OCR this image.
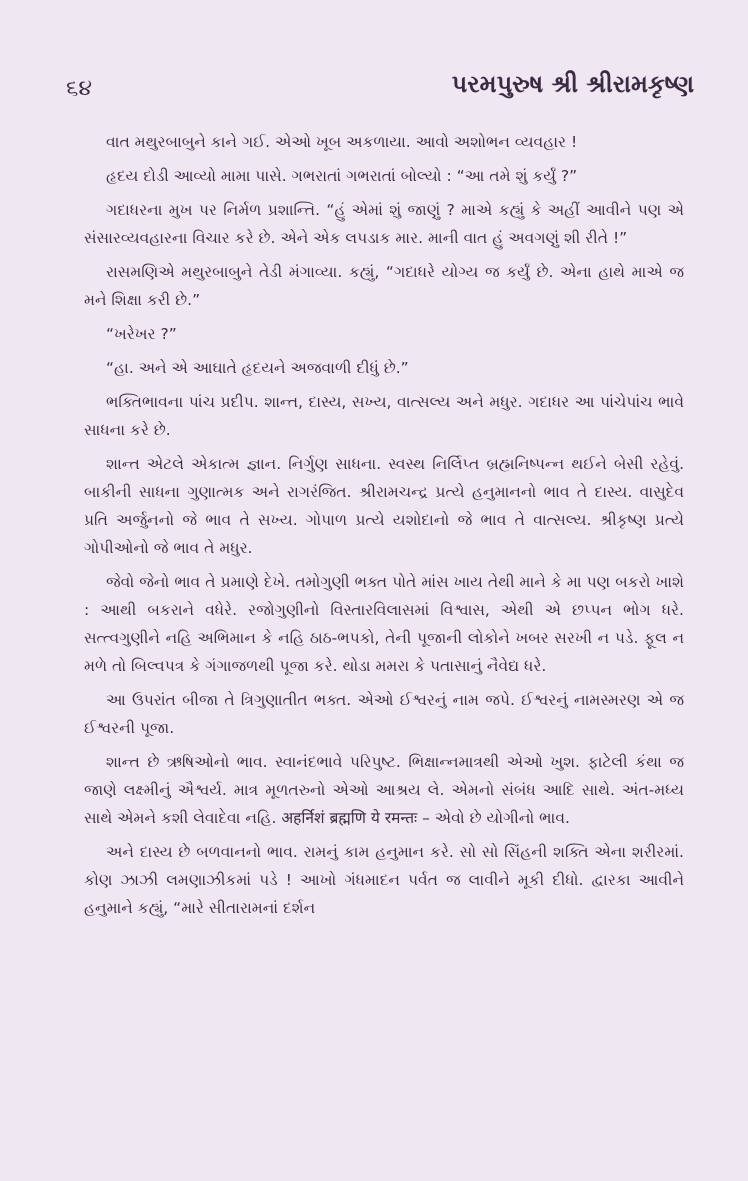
૬૪	પરમપુરુષ શ્રી શ્રીરામકૃષ્ણ

વાત મથુરબાબુને કાને ગઈ. એઓ ખૂબ અકળાયા. આવો અશોભન વ્યવહાર !

હૃદય દોડી આવ્યો મામા પાસે. ગભરાતાં ગભરાતાં બોલ્યો : “આ તમે શું કર્યું ?”

ગદાધરના મુખ પર નિર્મળ પ્રશાન્તિ. “હું એમાં શું જાણું ? માએ કહ્યું કે અહીં આવીને પણ એ સંસારવ્યવહારના વિચાર કરે છે. એને એક લપડાક માર. માની વાત હું અવગણું શી રીતે !”

રાસમણિએ મથુરબાબુને તેડી મંગાવ્યા. કહ્યું, “ગદાધરે યોગ્ય જ કર્યું છે. એના હાથે માએ જ મને શિક્ષા કરી છે.”

“ખરેખર ?”

“હા. અને એ આઘાતે હૃદયને અજવાળી દીધું છે.”

ભક્તિભાવના પાંચ પ્રદીપ. શાન્ત, દાસ્ય, સખ્ય, વાત્સલ્ય અને મધુર. ગદાધર આ પાંચેપાંચ ભાવે સાધના કરે છે.

શાન્ત એટલે એકાત્મ જ્ઞાન. નિર્ગુણ સાધના. સ્વસ્થ નિર્લિપ્ત બ્રહ્મનિષ્પન્ન થઈને બેસી રહેવું. બાકીની સાધના ગુણાત્મક અને રાગરંજિત. શ્રીરામચન્દ્ર પ્રત્યે હનુમાનનો ભાવ તે દાસ્ય. વાસુદેવ પ્રતિ અર્જુનનો જે ભાવ તે સખ્ય. ગોપાળ પ્રત્યે યશોદાનો જે ભાવ તે વાત્સલ્ય. શ્રીકૃષ્ણ પ્રત્યે ગોપીઓનો જે ભાવ તે મધુર.

જેવો જેનો ભાવ તે પ્રમાણે દેખે. તમોગુણી ભક્ત પોતે માંસ ખાય તેથી માને કે મા પણ બકરો ખાશે : આથી બકરાને વધેરે. રજોગુણીનો વિસ્તારવિલાસમાં વિશ્વાસ, એથી એ છપ્પન ભોગ ધરે. સત્ત્વગુણીને નહિ અભિમાન કે નહિ ઠાઠ-ભપકો, તેની પૂજાની લોકોને ખબર સરખી ન પડે. ફૂલ ન મળે તો બિલ્વપત્ર કે ગંગાજળથી પૂજા કરે. થોડા મમરા કે પતાસાનું નૈવેદ્ય ધરે.

આ ઉપરાંત બીજા તે ત્રિગુણાતીત ભક્ત. એઓ ઈશ્વરનું નામ જપે. ઈશ્વરનું નામસ્મરણ એ જ ઈશ્વરની પૂજા.

શાન્ત છે ઋષિઓનો ભાવ. સ્વાનંદભાવે પરિપુષ્ટ. ભિક્ષાન્નમાત્રથી એઓ ખુશ. ફાટેલી કંથા જ જાણે લક્ષ્મીનું ઐશ્વર્ય. માત્ર મૂળતરુનો એઓ આશ્રય લે. એમનો સંબંધ આદિ સાથે. અંત-મધ્ય સાથે એમને કશી લેવાદેવા નહિ. अहर्निशं ब्रह्मणि ये रमन्तः – એવો છે યોગીનો ભાવ.

અને દાસ્ય છે બળવાનનો ભાવ. રામનું કામ હનુમાન કરે. સો સો સિંહની શક્તિ એના શરીરમાં. કોણ ઝાઝી લમણાઝીકમાં પડે ! આખો ગંધમાદન પર્વત જ લાવીને મૂકી દીધો. દ્વારકા આવીને હનુમાને કહ્યું, “મારે સીતારામનાં દર્શન
